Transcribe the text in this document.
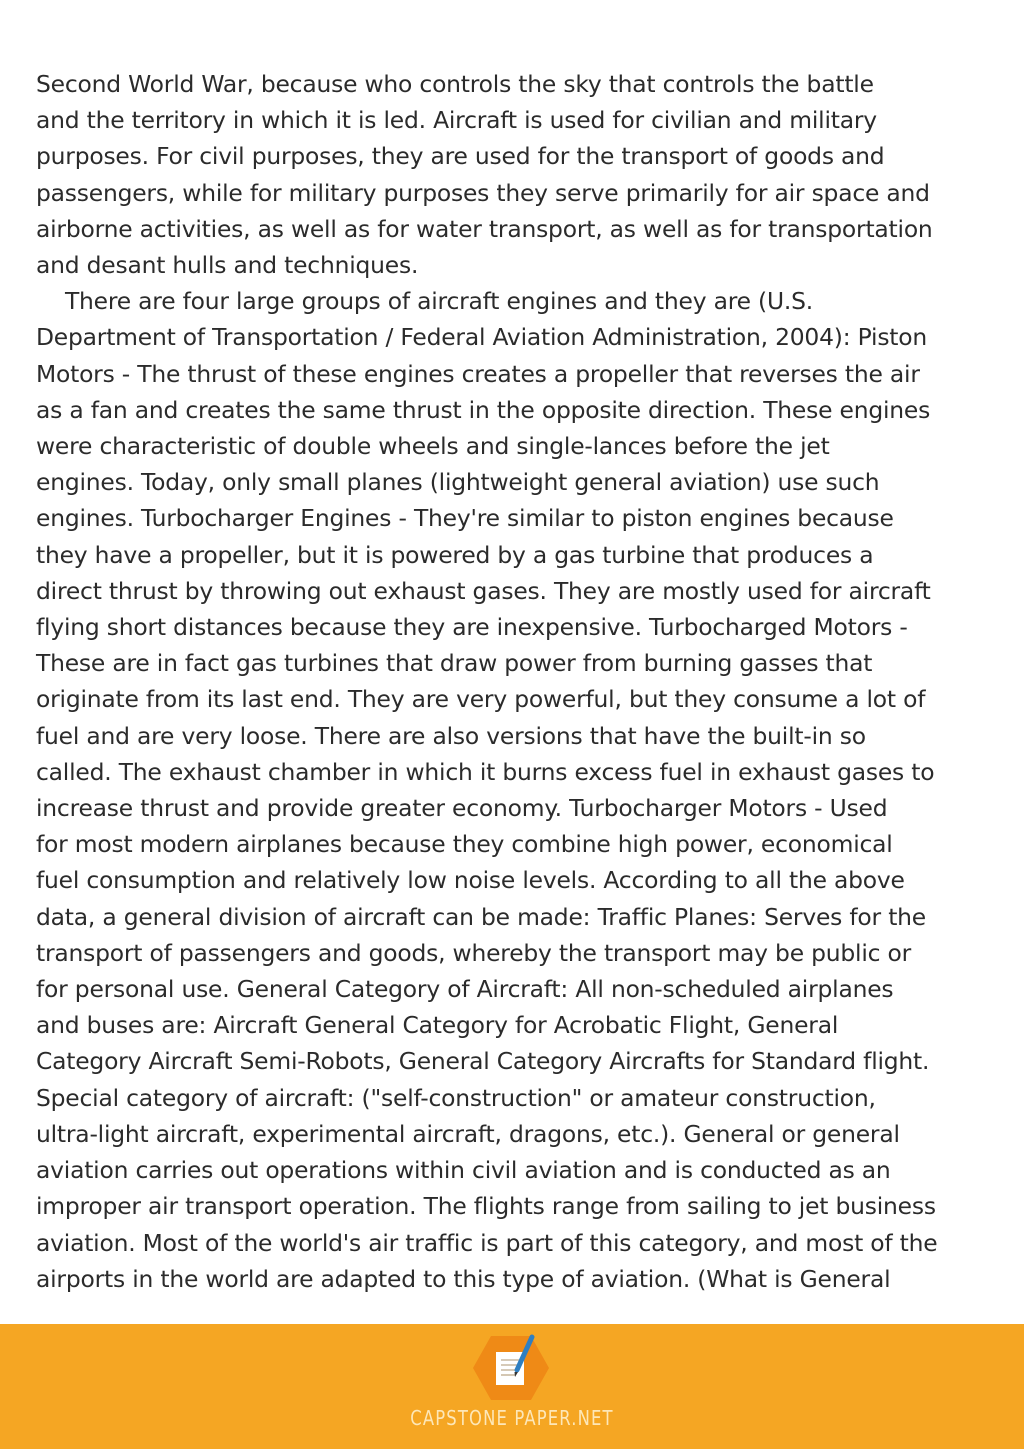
Second World War, because who controls the sky that controls the battle
and the territory in which it is led. Aircraft is used for civilian and military
purposes. For civil purposes, they are used for the transport of goods and
passengers, while for military purposes they serve primarily for air space and
airborne activities, as well as for water transport, as well as for transportation
and desant hulls and techniques.
There are four large groups of aircraft engines and they are (U.S.
Department of Transportation / Federal Aviation Administration, 2004): Piston
Motors - The thrust of these engines creates a propeller that reverses the air
as a fan and creates the same thrust in the opposite direction. These engines
were characteristic of double wheels and single-lances before the jet
engines. Today, only small planes (lightweight general aviation) use such
engines. Turbocharger Engines - They're similar to piston engines because
they have a propeller, but it is powered by a gas turbine that produces a
direct thrust by throwing out exhaust gases. They are mostly used for aircraft
flying short distances because they are inexpensive. Turbocharged Motors -
These are in fact gas turbines that draw power from burning gasses that
originate from its last end. They are very powerful, but they consume a lot of
fuel and are very loose. There are also versions that have the built-in so
called. The exhaust chamber in which it burns excess fuel in exhaust gases to
increase thrust and provide greater economy. Turbocharger Motors - Used
for most modern airplanes because they combine high power, economical
fuel consumption and relatively low noise levels. According to all the above
data, a general division of aircraft can be made: Traffic Planes: Serves for the
transport of passengers and goods, whereby the transport may be public or
for personal use. General Category of Aircraft: All non-scheduled airplanes
and buses are: Aircraft General Category for Acrobatic Flight, General
Category Aircraft Semi-Robots, General Category Aircrafts for Standard flight.
Special category of aircraft: ("self-construction" or amateur construction,
ultra-light aircraft, experimental aircraft, dragons, etc.). General or general
aviation carries out operations within civil aviation and is conducted as an
improper air transport operation. The flights range from sailing to jet business
aviation. Most of the world's air traffic is part of this category, and most of the
airports in the world are adapted to this type of aviation. (What is General
CAPSTONE PAPER.NET
